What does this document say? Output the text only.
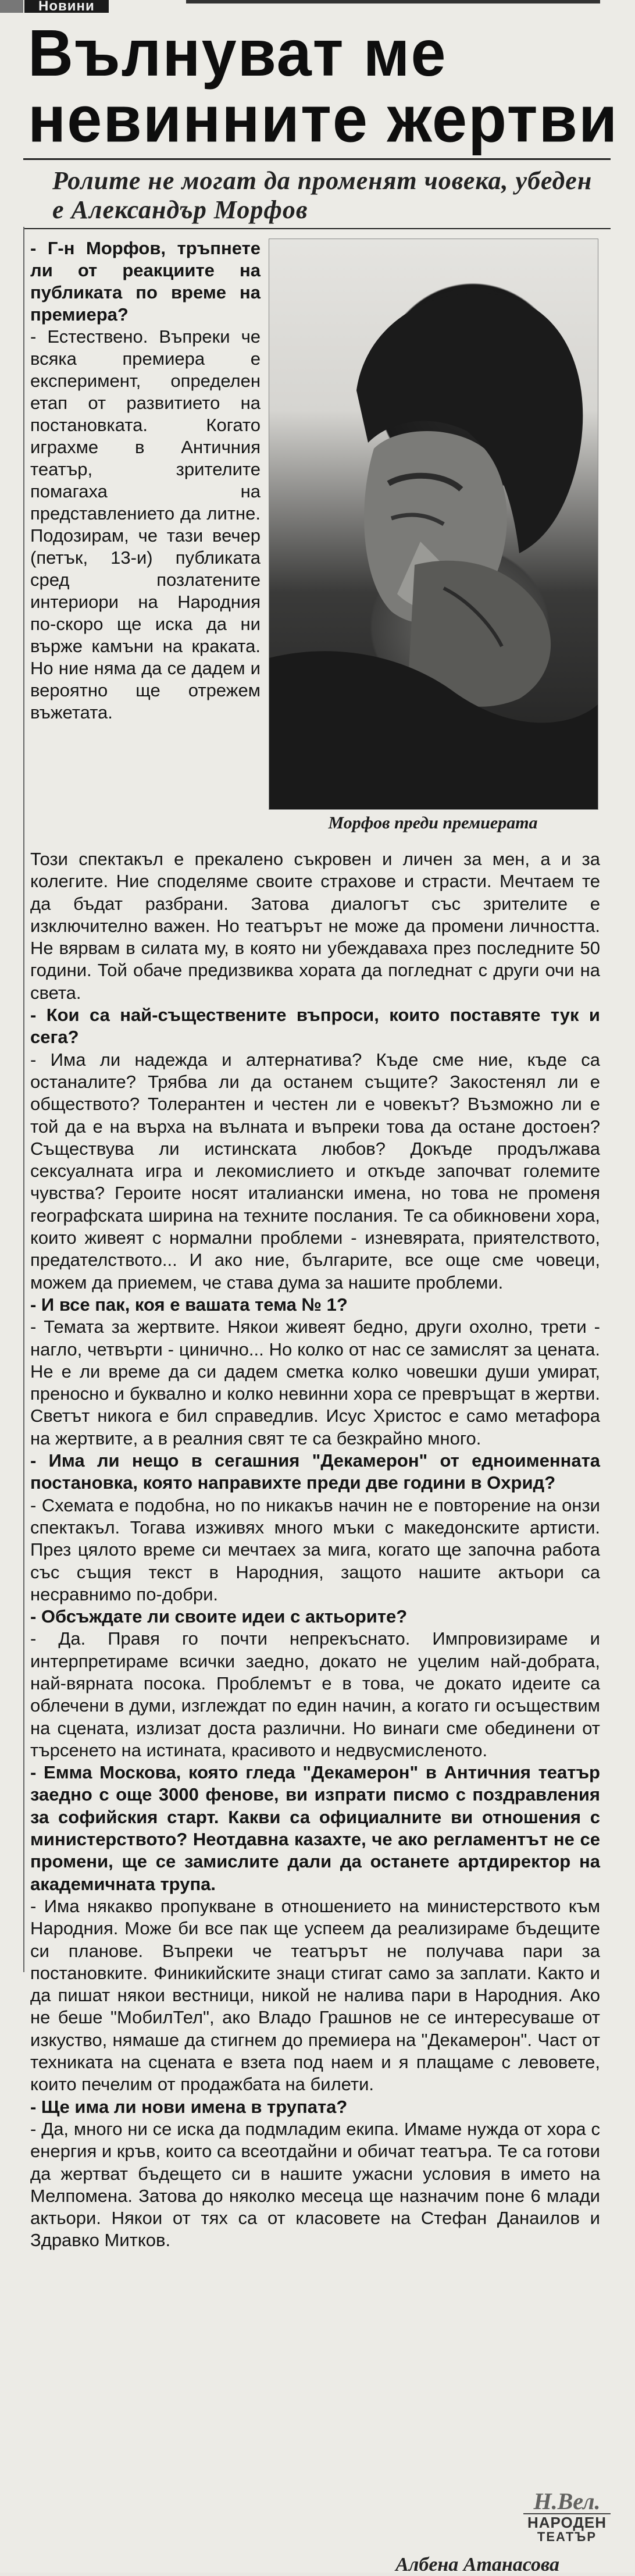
Новини
Вълнуват ме
невинните жертви
Ролите не могат да променят човека, убеден е Александър Морфов
Морфов преди премиерата

- Г-н Морфов, тръпнете ли от реакциите на публиката по време на премиера?

- Естествено. Въпреки че всяка премиера е експеримент, определен етап от развитието на постановката. Когато играхме в Античния театър, зрителите помагаха на представлението да литне. Подозирам, че тази вечер (петък, 13-и) публиката сред позлатените интериори на Народния по-скоро ще иска да ни върже камъни на краката. Но ние няма да се дадем и вероятно ще отрежем въжетата.

Този спектакъл е прекалено съкровен и личен за мен, а и за колегите. Ние споделяме своите страхове и страсти. Мечтаем те да бъдат разбрани. Затова диалогът със зрителите е изключително важен. Но театърът не може да промени личността. Не вярвам в силата му, в която ни убеждаваха през последните 50 години. Той обаче предизвиква хората да погледнат с други очи на света.

- Кои са най-съществените въпроси, които поставяте тук и сега?

- Има ли надежда и алтернатива? Къде сме ние, къде са останалите? Трябва ли да останем същите? Закостенял ли е обществото? Толерантен и честен ли е човекът? Възможно ли е той да е на върха на вълната и въпреки това да остане достоен? Съществува ли истинската любов? Докъде продължава сексуалната игра и лекомислието и откъде започват големите чувства? Героите носят италиански имена, но това не променя географската ширина на техните послания. Те са обикновени хора, които живеят с нормални проблеми - изневярата, приятелството, предателството... И ако ние, българите, все още сме човеци, можем да приемем, че става дума за нашите проблеми.

- И все пак, коя е вашата тема № 1?

- Темата за жертвите. Някои живеят бедно, други охолно, трети - нагло, четвърти - цинично... Но колко от нас се замислят за цената. Не е ли време да си дадем сметка колко човешки души умират, преносно и буквално и колко невинни хора се превръщат в жертви. Светът никога е бил справедлив. Исус Христос е само метафора на жертвите, а в реалния свят те са безкрайно много.

- Има ли нещо в сегашния "Декамерон" от едноименната постановка, която направихте преди две години в Охрид?

- Схемата е подобна, но по никакъв начин не е повторение на онзи спектакъл. Тогава изживях много мъки с македонските артисти. През цялото време си мечтаех за мига, когато ще започна работа със същия текст в Народния, защото нашите актьори са несравнимо по-добри.

- Обсъждате ли своите идеи с актьорите?

- Да. Правя го почти непрекъснато. Импровизираме и интерпретираме всички заедно, докато не уцелим най-добрата, най-вярната посока. Проблемът е в това, че докато идеите са облечени в думи, изглеждат по един начин, а когато ги осъществим на сцената, излизат доста различни. Но винаги сме обединени от търсенето на истината, красивото и недвусмисленото.

- Емма Москова, която гледа "Декамерон" в Античния театър заедно с още 3000 фенове, ви изпрати писмо с поздравления за софийския старт. Какви са официалните ви отношения с министерството? Неотдавна казахте, че ако регламентът не се промени, ще се замислите дали да останете артдиректор на академичната трупа.

- Има някакво пропукване в отношението на министерството към Народния. Може би все пак ще успеем да реализираме бъдещите си планове. Въпреки че театърът не получава пари за постановките. Финикийските знаци стигат само за заплати. Както и да пишат някои вестници, никой не налива пари в Народния. Ако не беше "МобилТел", ако Владо Грашнов не се интересуваше от изкуство, нямаше да стигнем до премиера на "Декамерон". Част от техниката на сцената е взета под наем и я плащаме с левовете, които печелим от продажбата на билети.

- Ще има ли нови имена в трупата?

- Да, много ни се иска да подмладим екипа. Имаме нужда от хора с енергия и кръв, които са всеотдайни и обичат театъра. Те са готови да жертват бъдещето си в нашите ужасни условия в името на Мелпомена. Затова до няколко месеца ще назначим поне 6 млади актьори. Някои от тях са от класовете на Стефан Данаилов и Здравко Митков.

Н.Вел.
НАРОДЕН
ТЕАТЪР
Албена Атанасова
